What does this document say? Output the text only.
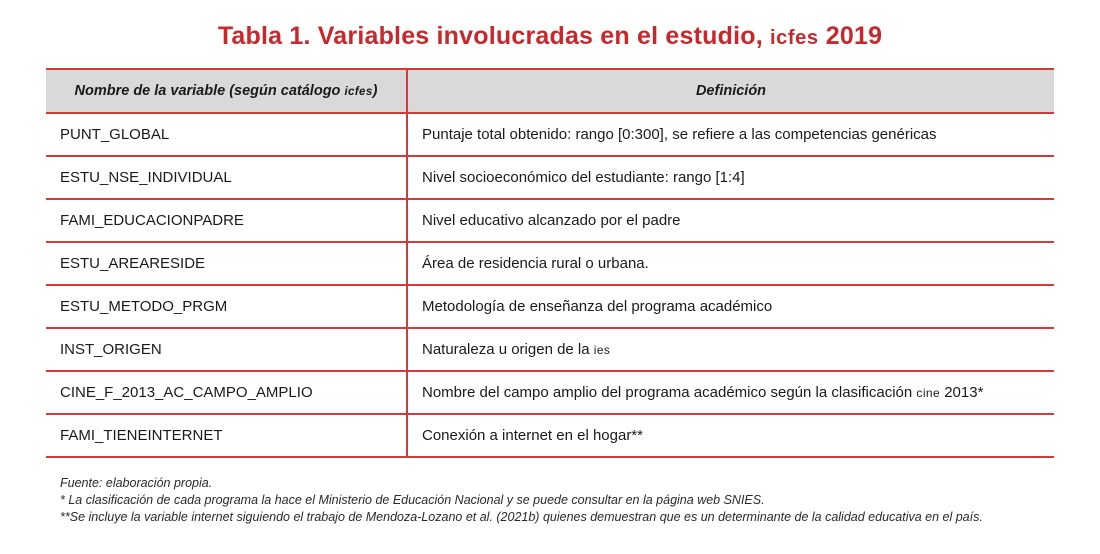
Tabla 1. Variables involucradas en el estudio, icfes 2019
Nombre de la variable (según catálogo icfes)	Definición
PUNT_GLOBAL	Puntaje total obtenido: rango [0:300], se refiere a las competencias genéricas
ESTU_NSE_INDIVIDUAL	Nivel socioeconómico del estudiante: rango [1:4]
FAMI_EDUCACIONPADRE	Nivel educativo alcanzado por el padre
ESTU_AREARESIDE	Área de residencia rural o urbana.
ESTU_METODO_PRGM	Metodología de enseñanza del programa académico
INST_ORIGEN	Naturaleza u origen de la ies
CINE_F_2013_AC_CAMPO_AMPLIO	Nombre del campo amplio del programa académico según la clasificación cine 2013*
FAMI_TIENEINTERNET	Conexión a internet en el hogar**
Fuente: elaboración propia.
* La clasificación de cada programa la hace el Ministerio de Educación Nacional y se puede consultar en la página web SNIES.
**Se incluye la variable internet siguiendo el trabajo de Mendoza-Lozano et al. (2021b) quienes demuestran que es un determinante de la calidad educativa en el país.
